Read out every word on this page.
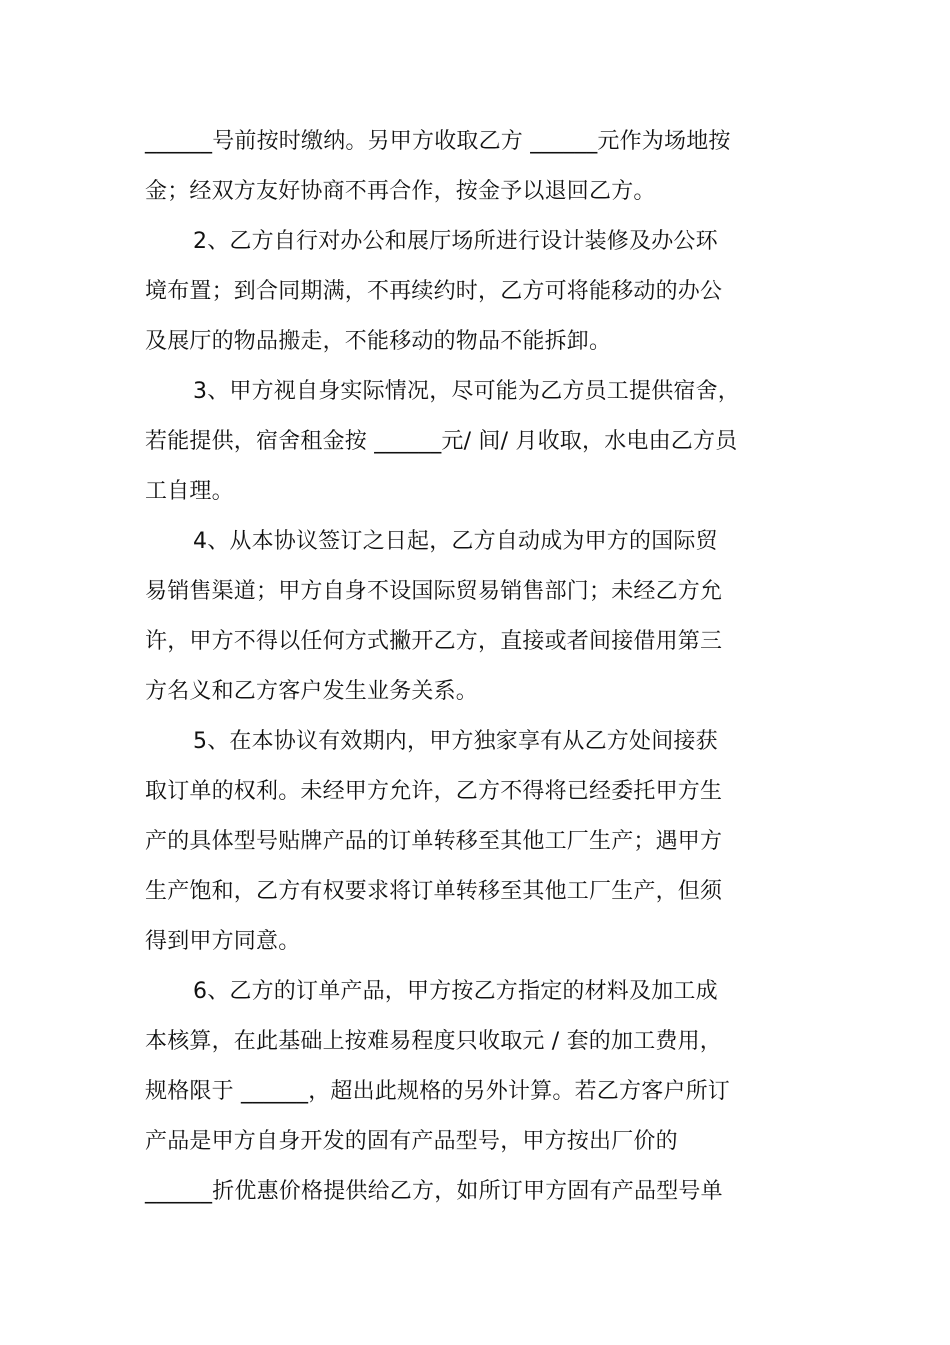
______号前按时缴纳。另甲方收取乙方 ______元作为场地按
金；经双方友好协商不再合作，按金予以退回乙方。
2、乙方自行对办公和展厅场所进行设计装修及办公环
境布置；到合同期满，不再续约时，乙方可将能移动的办公
及展厅的物品搬走，不能移动的物品不能拆卸。
3、甲方视自身实际情况，尽可能为乙方员工提供宿舍，
若能提供，宿舍租金按 ______元/ 间/ 月收取，水电由乙方员
工自理。
4、从本协议签订之日起，乙方自动成为甲方的国际贸
易销售渠道；甲方自身不设国际贸易销售部门；未经乙方允
许，甲方不得以任何方式撇开乙方，直接或者间接借用第三
方名义和乙方客户发生业务关系。
5、在本协议有效期内，甲方独家享有从乙方处间接获
取订单的权利。未经甲方允许，乙方不得将已经委托甲方生
产的具体型号贴牌产品的订单转移至其他工厂生产；遇甲方
生产饱和，乙方有权要求将订单转移至其他工厂生产，但须
得到甲方同意。
6、乙方的订单产品，甲方按乙方指定的材料及加工成
本核算，在此基础上按难易程度只收取元 / 套的加工费用，
规格限于 ______，超出此规格的另外计算。若乙方客户所订
产品是甲方自身开发的固有产品型号，甲方按出厂价的
______折优惠价格提供给乙方，如所订甲方固有产品型号单
